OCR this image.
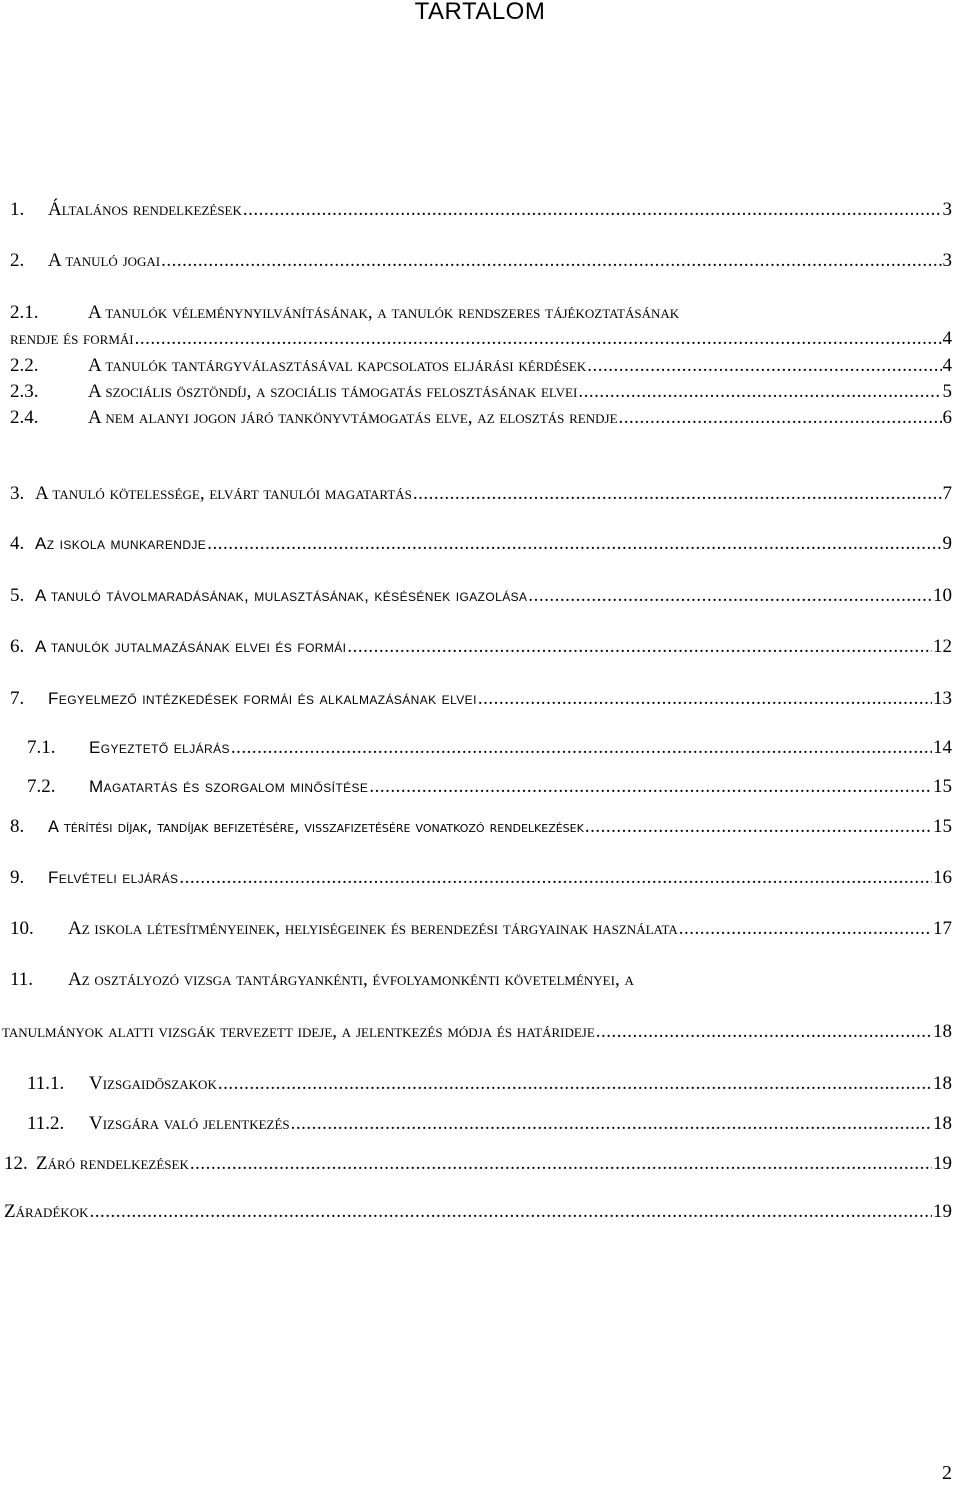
TARTALOM
1.	Általános rendelkezések .....	3
2.	A tanuló jogai .....	3
2.1.	A tanulók véleménynyilvánításának, a tanulók rendszeres tájékoztatásának
rendje és formái .....	4
2.2.	A tanulók tantárgyválasztásával kapcsolatos eljárási kérdések .....	4
2.3.	A szociális ösztöndíj, a szociális támogatás felosztásának elvei .....	5
2.4.	A nem alanyi jogon járó tankönyvtámogatás elve, az elosztás rendje .....	6
3. A tanuló kötelessége, elvárt tanulói magatartás .....	7
4. Az iskola munkarendje .....	9
5. A tanuló távolmaradásának, mulasztásának, késésének igazolása .....	10
6. A tanulók jutalmazásának elvei és formái .....	12
7.	Fegyelmező intézkedések formái és alkalmazásának elvei .....	13
7.1.	Egyeztető eljárás .....	14
7.2.	Magatartás és szorgalom minősítése .....	15
8.	A térítési díjak, tandíjak befizetésére, visszafizetésére vonatkozó rendelkezések .....	15
9.	Felvételi eljárás .....	16
10.	Az iskola létesítményeinek, helyiségeinek és berendezési tárgyainak használata .....	17
11. Az osztályozó vizsga tantárgyankénti, évfolyamonkénti követelményei, a
tanulmányok alatti vizsgák tervezett ideje, a jelentkezés módja és határideje .....	18
11.1.	Vizsgaidőszakok .....	18
11.2.	Vizsgára való jelentkezés .....	18
12. Záró rendelkezések .....	19
Záradékok .....	19
2
